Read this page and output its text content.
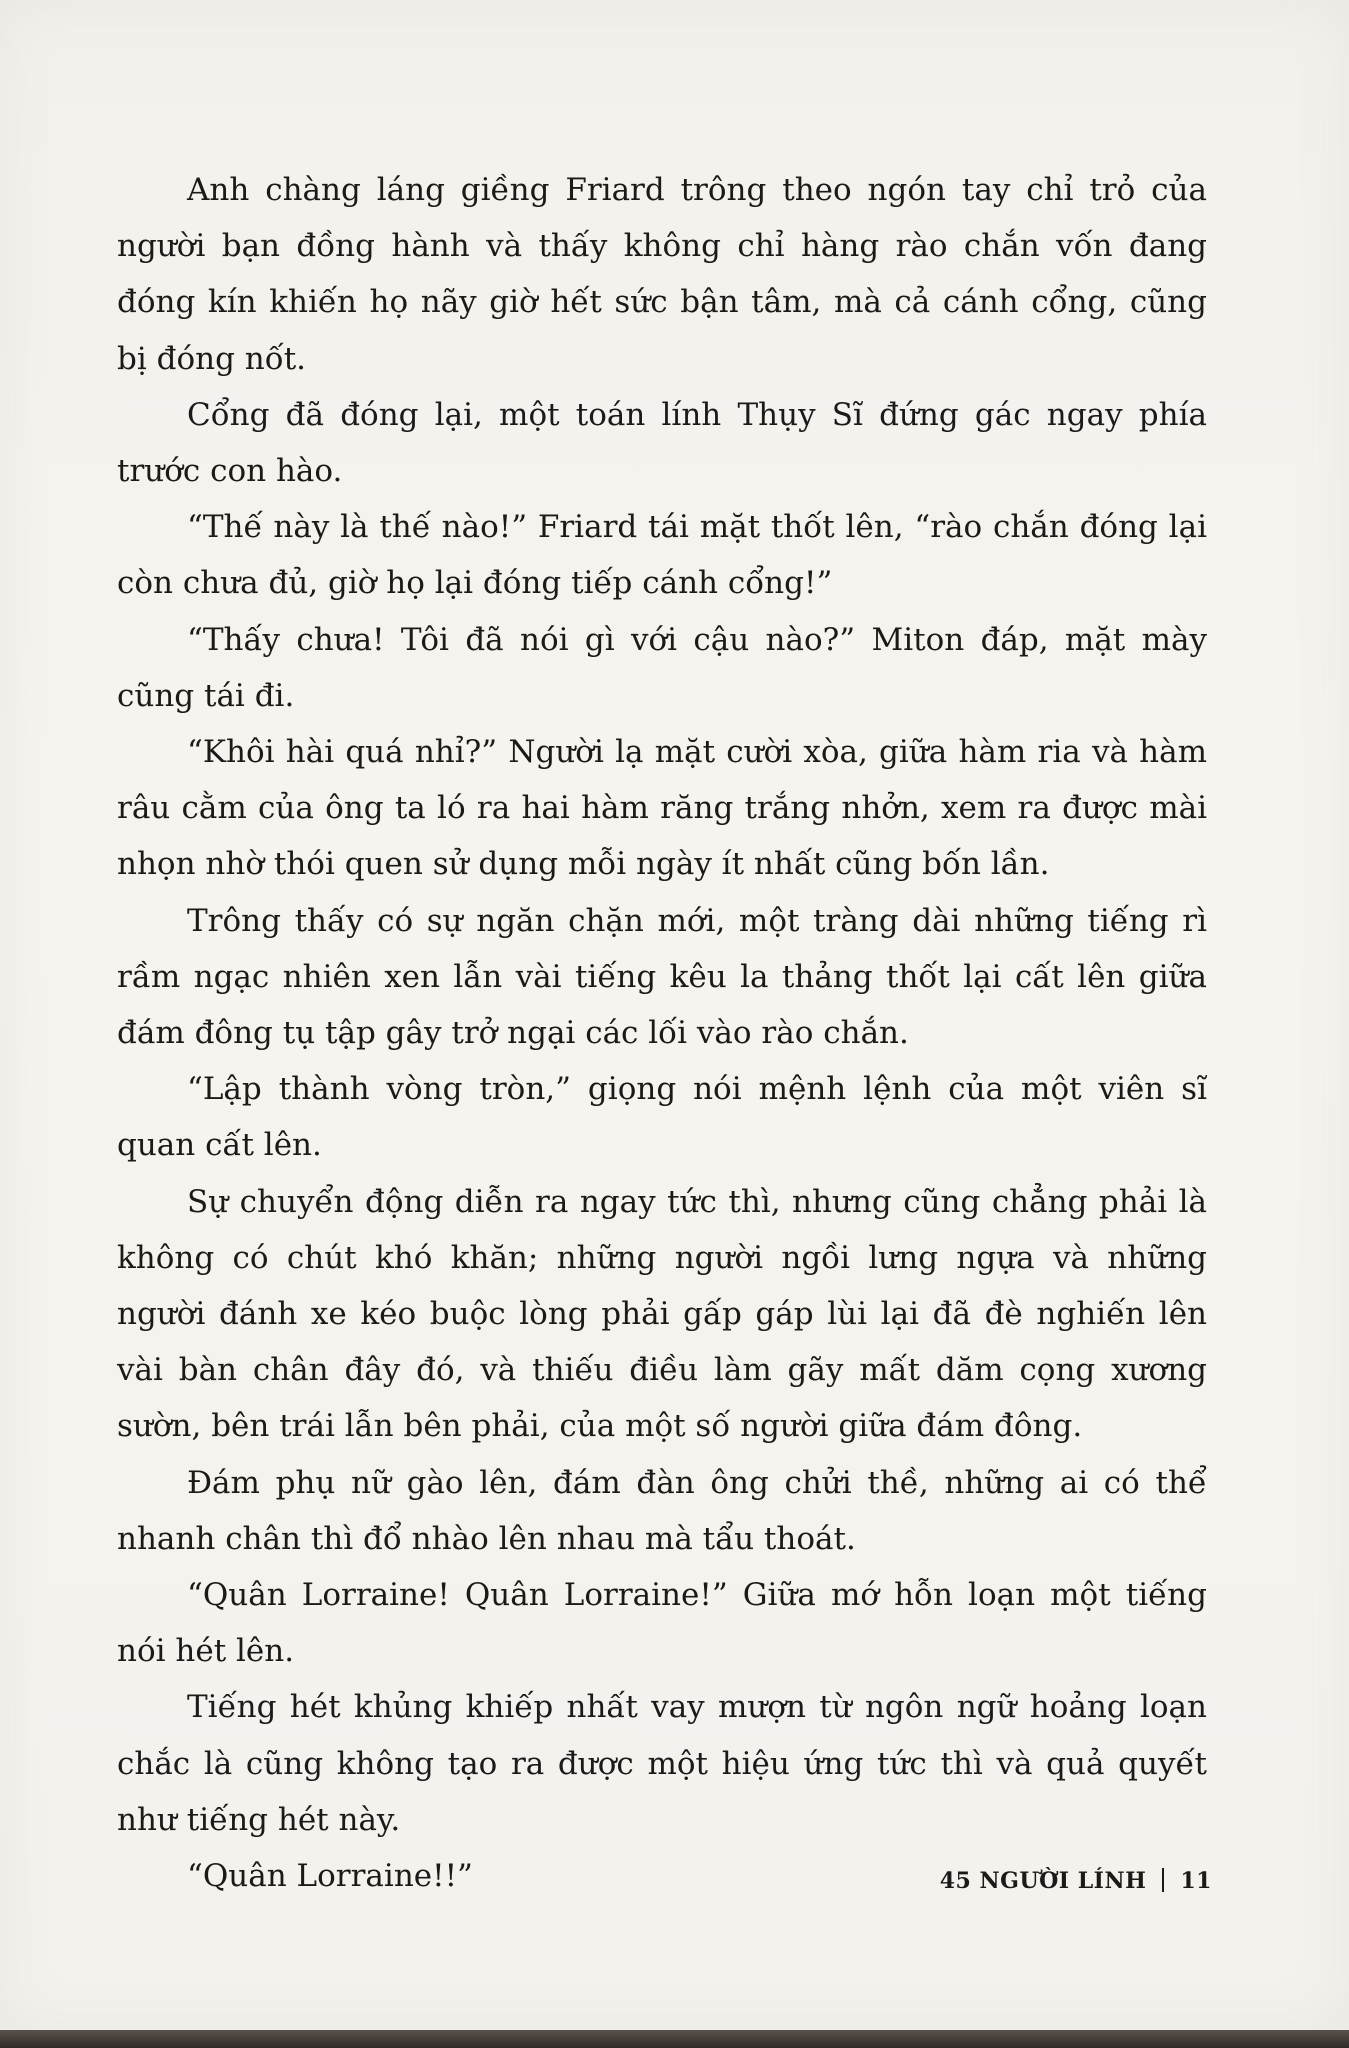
Anh chàng láng giềng Friard trông theo ngón tay chỉ trỏ của người bạn đồng hành và thấy không chỉ hàng rào chắn vốn đang đóng kín khiến họ nãy giờ hết sức bận tâm, mà cả cánh cổng, cũng bị đóng nốt.

Cổng đã đóng lại, một toán lính Thụy Sĩ đứng gác ngay phía trước con hào.

“Thế này là thế nào!” Friard tái mặt thốt lên, “rào chắn đóng lại còn chưa đủ, giờ họ lại đóng tiếp cánh cổng!”

“Thấy chưa! Tôi đã nói gì với cậu nào?” Miton đáp, mặt mày cũng tái đi.

“Khôi hài quá nhỉ?” Người lạ mặt cười xòa, giữa hàm ria và hàm râu cằm của ông ta ló ra hai hàm răng trắng nhởn, xem ra được mài nhọn nhờ thói quen sử dụng mỗi ngày ít nhất cũng bốn lần.

Trông thấy có sự ngăn chặn mới, một tràng dài những tiếng rì rầm ngạc nhiên xen lẫn vài tiếng kêu la thảng thốt lại cất lên giữa đám đông tụ tập gây trở ngại các lối vào rào chắn.

“Lập thành vòng tròn,” giọng nói mệnh lệnh của một viên sĩ quan cất lên.

Sự chuyển động diễn ra ngay tức thì, nhưng cũng chẳng phải là không có chút khó khăn; những người ngồi lưng ngựa và những người đánh xe kéo buộc lòng phải gấp gáp lùi lại đã đè nghiến lên vài bàn chân đây đó, và thiếu điều làm gãy mất dăm cọng xương sườn, bên trái lẫn bên phải, của một số người giữa đám đông.

Đám phụ nữ gào lên, đám đàn ông chửi thề, những ai có thể nhanh chân thì đổ nhào lên nhau mà tẩu thoát.

“Quân Lorraine! Quân Lorraine!” Giữa mớ hỗn loạn một tiếng nói hét lên.

Tiếng hét khủng khiếp nhất vay mượn từ ngôn ngữ hoảng loạn chắc là cũng không tạo ra được một hiệu ứng tức thì và quả quyết như tiếng hét này.

“Quân Lorraine!!”	45 NGƯỜI LÍNH 11
